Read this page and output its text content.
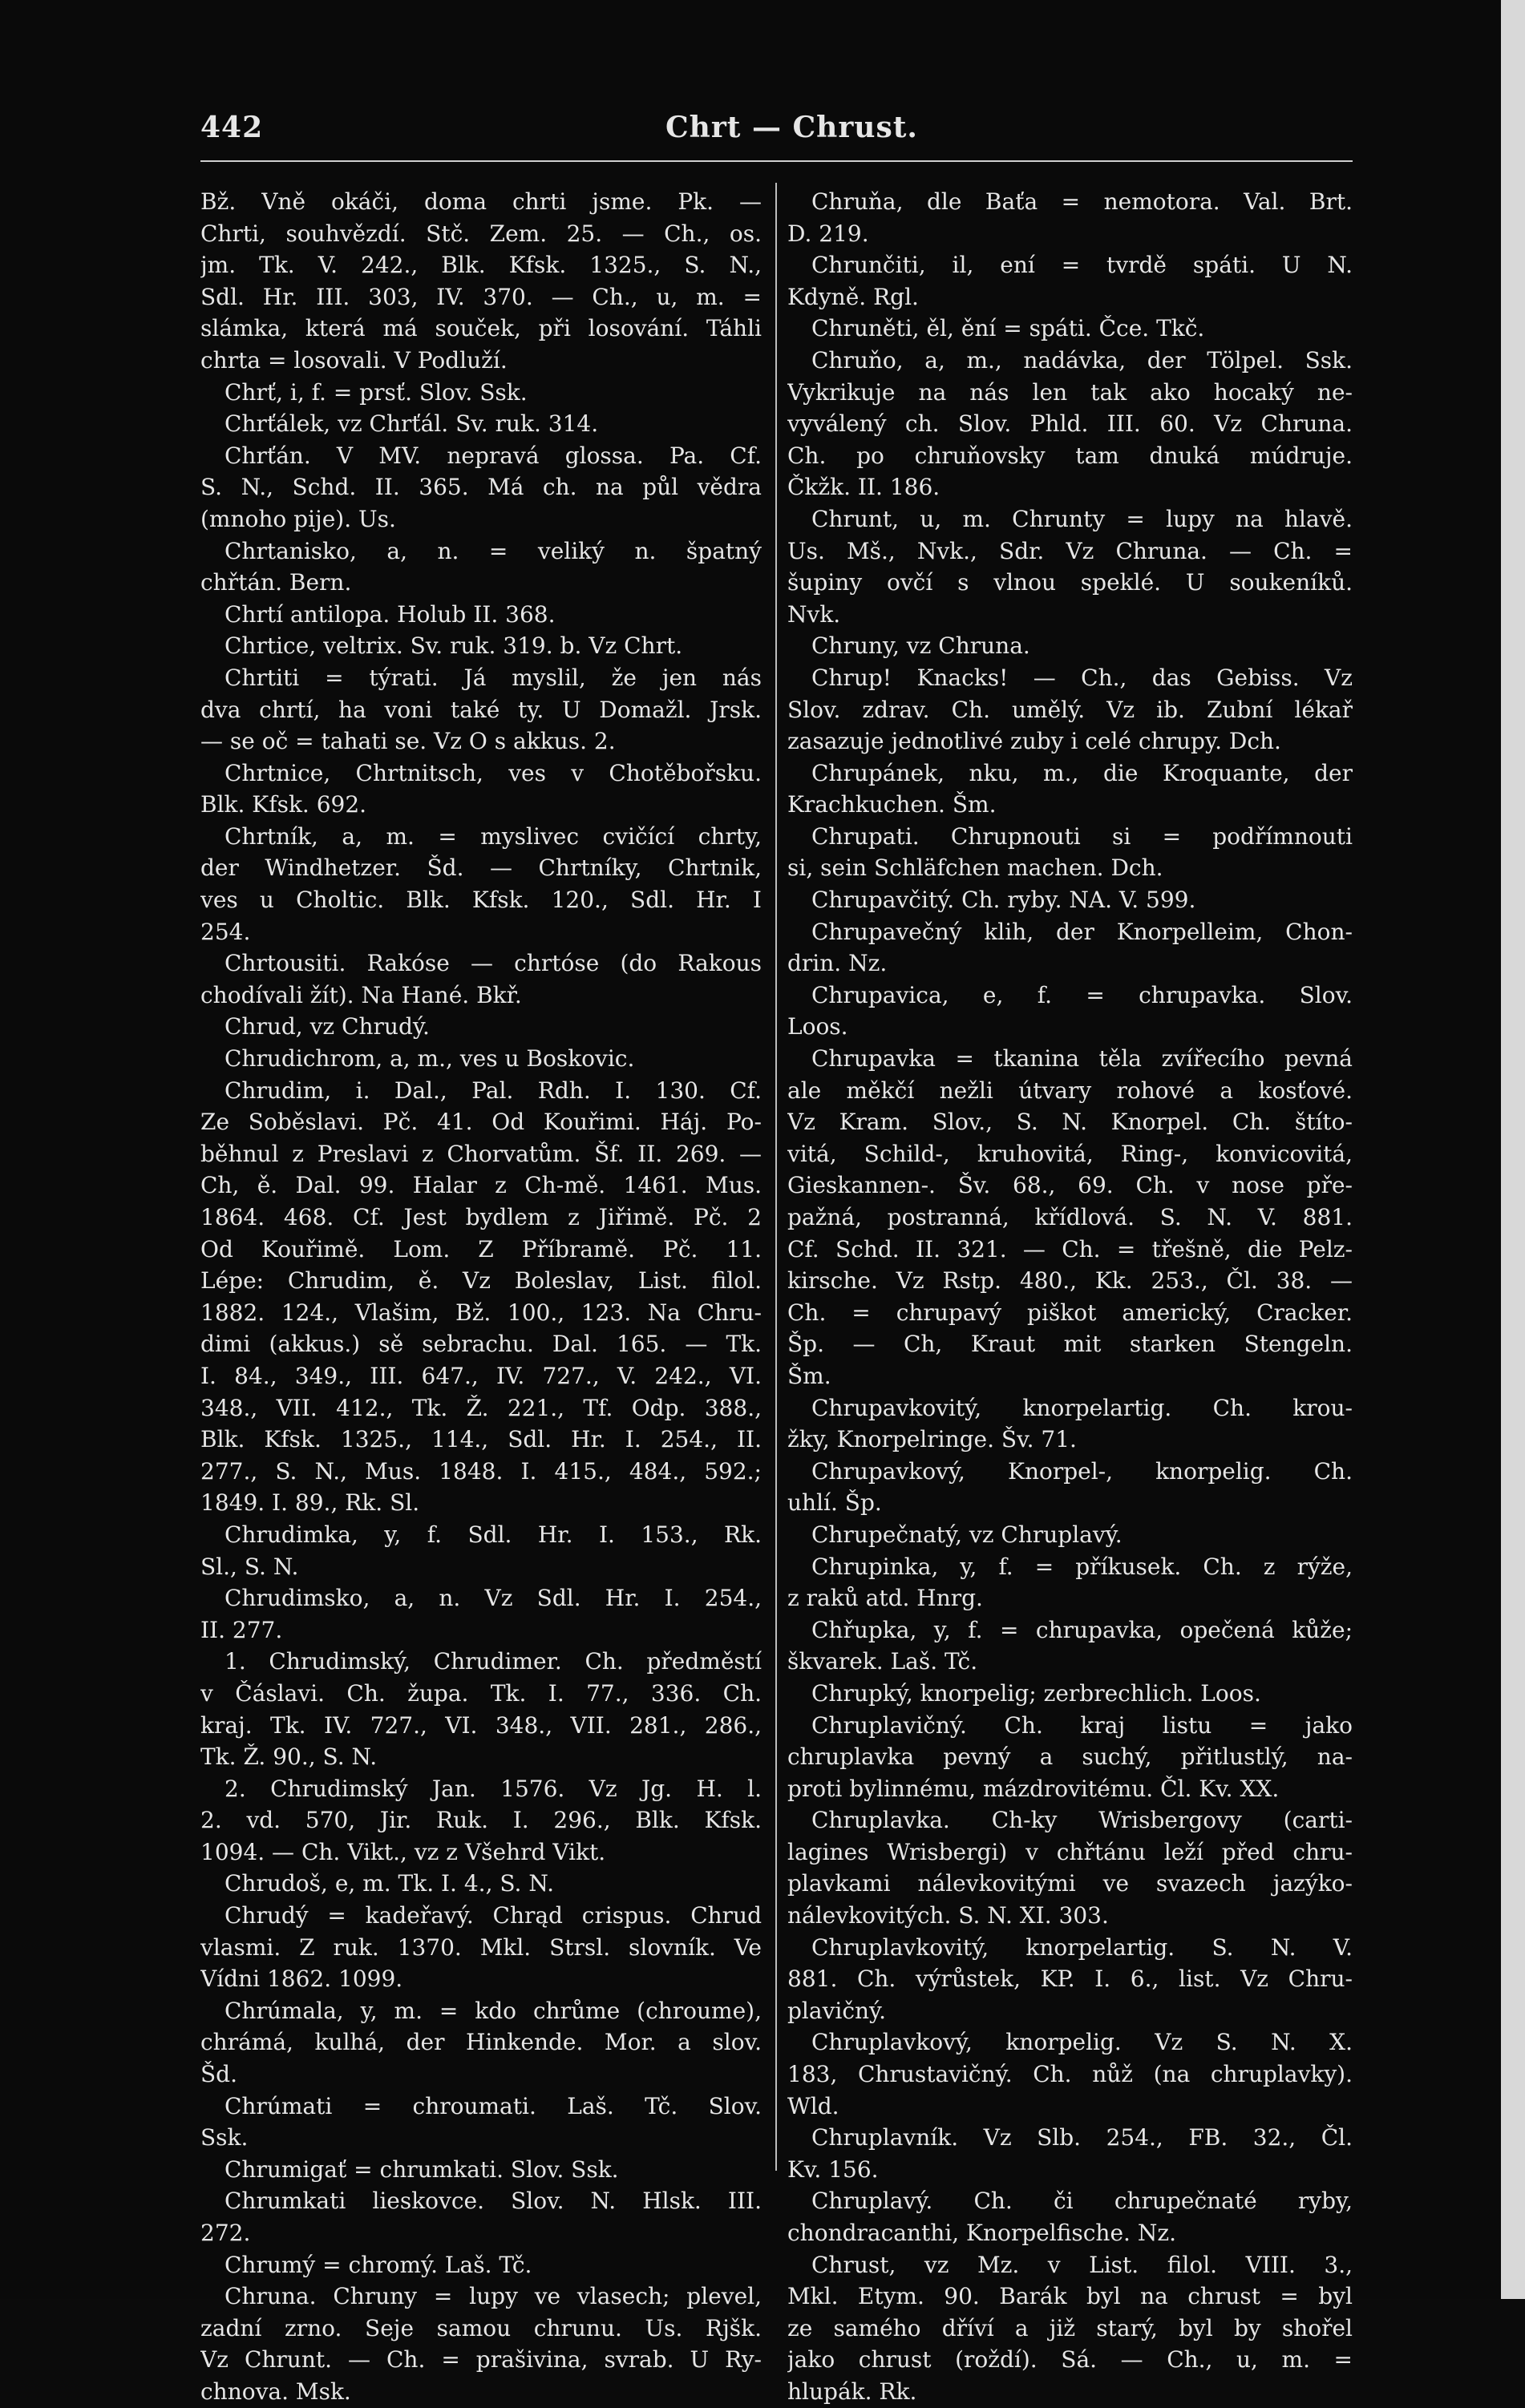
442	Chrt — Chrust.
Bž. Vně okáči, doma chrti jsme. Pk. —
Chrti, souhvězdí. Stč. Zem. 25. — Ch., os.
jm. Tk. V. 242., Blk. Kfsk. 1325., S. N.,
Sdl. Hr. III. 303, IV. 370. — Ch., u, m. =
slámka, která má souček, při losování. Táhli
chrta = losovali. V Podluží.
Chrť, i, f. = prsť. Slov. Ssk.
Chrťálek, vz Chrťál. Sv. ruk. 314.
Chrťán. V MV. nepravá glossa. Pa. Cf.
S. N., Schd. II. 365. Má ch. na půl vědra
(mnoho pije). Us.
Chrtanisko, a, n. = veliký n. špatný
chřtán. Bern.
Chrtí antilopa. Holub II. 368.
Chrtice, veltrix. Sv. ruk. 319. b. Vz Chrt.
Chrtiti = týrati. Já myslil, že jen nás
dva chrtí, ha voni také ty. U Domažl. Jrsk.
— se oč = tahati se. Vz O s akkus. 2.
Chrtnice, Chrtnitsch, ves v Chotěbořsku.
Blk. Kfsk. 692.
Chrtník, a, m. = myslivec cvičící chrty,
der Windhetzer. Šd. — Chrtníky, Chrtnik,
ves u Choltic. Blk. Kfsk. 120., Sdl. Hr. I
254.
Chrtousiti. Rakóse — chrtóse (do Rakous
chodívali žít). Na Hané. Bkř.
Chrud, vz Chrudý.
Chrudichrom, a, m., ves u Boskovic.
Chrudim, i. Dal., Pal. Rdh. I. 130. Cf.
Ze Soběslavi. Pč. 41. Od Kouřimi. Háj. Po-
běhnul z Preslavi z Chorvatům. Šf. II. 269. —
Ch, ě. Dal. 99. Halar z Ch-mě. 1461. Mus.
1864. 468. Cf. Jest bydlem z Jiřimě. Pč. 2
Od Kouřimě. Lom. Z Příbramě. Pč. 11.
Lépe: Chrudim, ě. Vz Boleslav, List. filol.
1882. 124., Vlašim, Bž. 100., 123. Na Chru-
dimi (akkus.) sě sebrachu. Dal. 165. — Tk.
I. 84., 349., III. 647., IV. 727., V. 242., VI.
348., VII. 412., Tk. Ž. 221., Tf. Odp. 388.,
Blk. Kfsk. 1325., 114., Sdl. Hr. I. 254., II.
277., S. N., Mus. 1848. I. 415., 484., 592.;
1849. I. 89., Rk. Sl.
Chrudimka, y, f. Sdl. Hr. I. 153., Rk.
Sl., S. N.
Chrudimsko, a, n. Vz Sdl. Hr. I. 254.,
II. 277.
1. Chrudimský, Chrudimer. Ch. předměstí
v Čáslavi. Ch. župa. Tk. I. 77., 336. Ch.
kraj. Tk. IV. 727., VI. 348., VII. 281., 286.,
Tk. Ž. 90., S. N.
2. Chrudimský Jan. 1576. Vz Jg. H. l.
2. vd. 570, Jir. Ruk. I. 296., Blk. Kfsk.
1094. — Ch. Vikt., vz z Všehrd Vikt.
Chrudoš, e, m. Tk. I. 4., S. N.
Chrudý = kadeřavý. Chrąd crispus. Chrud
vlasmi. Z ruk. 1370. Mkl. Strsl. slovník. Ve
Vídni 1862. 1099.
Chrúmala, y, m. = kdo chrůme (chroume),
chrámá, kulhá, der Hinkende. Mor. a slov.
Šd.
Chrúmati = chroumati. Laš. Tč. Slov.
Ssk.
Chrumigať = chrumkati. Slov. Ssk.
Chrumkati lieskovce. Slov. N. Hlsk. III.
272.
Chrumý = chromý. Laš. Tč.
Chruna. Chruny = lupy ve vlasech; plevel,
zadní zrno. Seje samou chrunu. Us. Rjšk.
Vz Chrunt. — Ch. = prašivina, svrab. U Ry-
chnova. Msk.
Chruňa, dle Baťa = nemotora. Val. Brt.
D. 219.
Chrunčiti, il, ení = tvrdě spáti. U N.
Kdyně. Rgl.
Chruněti, ěl, ění = spáti. Čce. Tkč.
Chruňo, a, m., nadávka, der Tölpel. Ssk.
Vykrikuje na nás len tak ako hocaký ne-
vyválený ch. Slov. Phld. III. 60. Vz Chruna.
Ch. po chruňovsky tam dnuká múdruje.
Čkžk. II. 186.
Chrunt, u, m. Chrunty = lupy na hlavě.
Us. Mš., Nvk., Sdr. Vz Chruna. — Ch. =
šupiny ovčí s vlnou speklé. U soukeníků.
Nvk.
Chruny, vz Chruna.
Chrup! Knacks! — Ch., das Gebiss. Vz
Slov. zdrav. Ch. umělý. Vz ib. Zubní lékař
zasazuje jednotlivé zuby i celé chrupy. Dch.
Chrupánek, nku, m., die Kroquante, der
Krachkuchen. Šm.
Chrupati. Chrupnouti si = podřímnouti
si, sein Schläfchen machen. Dch.
Chrupavčitý. Ch. ryby. NA. V. 599.
Chrupavečný klih, der Knorpelleim, Chon-
drin. Nz.
Chrupavica, e, f. = chrupavka. Slov.
Loos.
Chrupavka = tkanina těla zvířecího pevná
ale měkčí nežli útvary rohové a kosťové.
Vz Kram. Slov., S. N. Knorpel. Ch. štíto-
vitá, Schild-, kruhovitá, Ring-, konvicovitá,
Gieskannen-. Šv. 68., 69. Ch. v nose pře-
pažná, postranná, křídlová. S. N. V. 881.
Cf. Schd. II. 321. — Ch. = třešně, die Pelz-
kirsche. Vz Rstp. 480., Kk. 253., Čl. 38. —
Ch. = chrupavý piškot americký, Cracker.
Šp. — Ch, Kraut mit starken Stengeln.
Šm.
Chrupavkovitý, knorpelartig. Ch. krou-
žky, Knorpelringe. Šv. 71.
Chrupavkový, Knorpel-, knorpelig. Ch.
uhlí. Šp.
Chrupečnatý, vz Chruplavý.
Chrupinka, y, f. = příkusek. Ch. z rýže,
z raků atd. Hnrg.
Chřupka, y, f. = chrupavka, opečená kůže;
škvarek. Laš. Tč.
Chrupký, knorpelig; zerbrechlich. Loos.
Chruplavičný. Ch. kraj listu = jako
chruplavka pevný a suchý, přitlustlý, na-
proti bylinnému, mázdrovitému. Čl. Kv. XX.
Chruplavka. Ch-ky Wrisbergovy (carti-
lagines Wrisbergi) v chřtánu leží před chru-
plavkami nálevkovitými ve svazech jazýko-
nálevkovitých. S. N. XI. 303.
Chruplavkovitý, knorpelartig. S. N. V.
881. Ch. výrůstek, KP. I. 6., list. Vz Chru-
plavičný.
Chruplavkový, knorpelig. Vz S. N. X.
183, Chrustavičný. Ch. nůž (na chruplavky).
Wld.
Chruplavník. Vz Slb. 254., FB. 32., Čl.
Kv. 156.
Chruplavý. Ch. či chrupečnaté ryby,
chondracanthi, Knorpelfische. Nz.
Chrust, vz Mz. v List. filol. VIII. 3.,
Mkl. Etym. 90. Barák byl na chrust = byl
ze samého dříví a již starý, byl by shořel
jako chrust (roždí). Sá. — Ch., u, m. =
hlupák. Rk.
